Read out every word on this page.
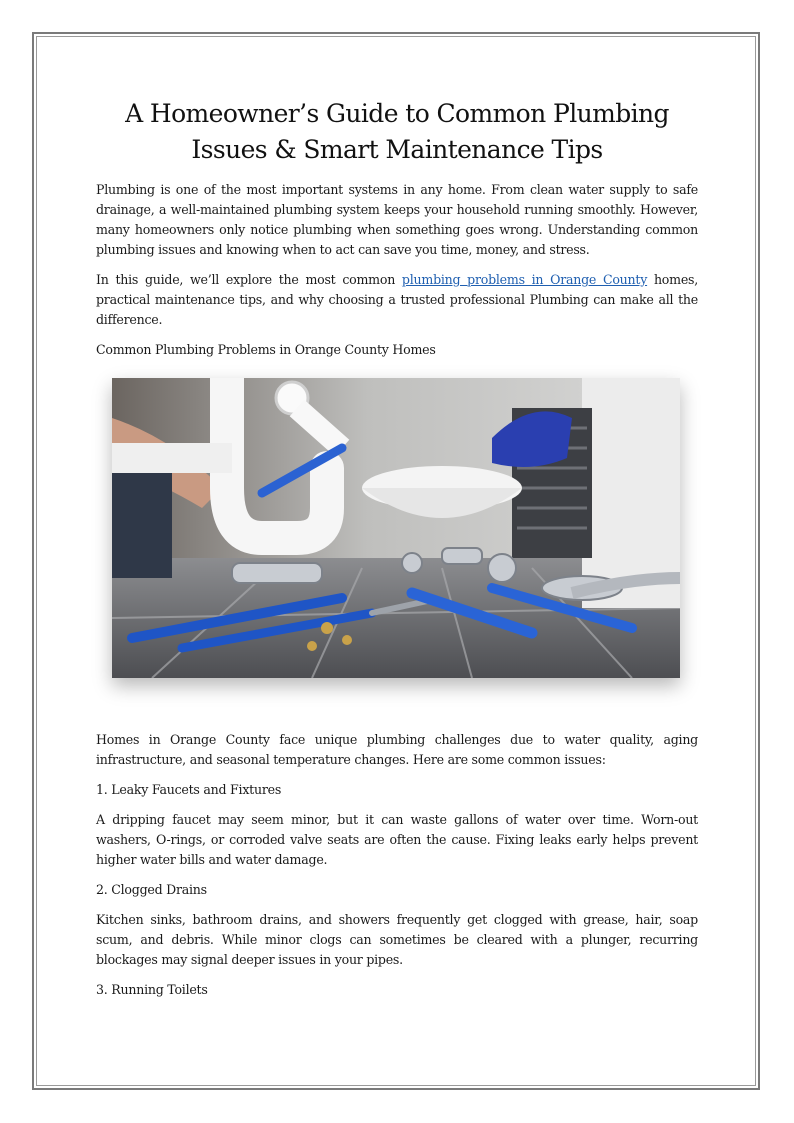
A Homeowner’s Guide to Common Plumbing Issues & Smart Maintenance Tips

Plumbing is one of the most important systems in any home. From clean water supply to safe drainage, a well-maintained plumbing system keeps your household running smoothly. However, many homeowners only notice plumbing when something goes wrong. Understanding common plumbing issues and knowing when to act can save you time, money, and stress.

In this guide, we’ll explore the most common plumbing problems in Orange County homes, practical maintenance tips, and why choosing a trusted professional Plumbing can make all the difference.

Common Plumbing Problems in Orange County Homes

Homes in Orange County face unique plumbing challenges due to water quality, aging infrastructure, and seasonal temperature changes. Here are some common issues:

1. Leaky Faucets and Fixtures

A dripping faucet may seem minor, but it can waste gallons of water over time. Worn-out washers, O-rings, or corroded valve seats are often the cause. Fixing leaks early helps prevent higher water bills and water damage.

2. Clogged Drains

Kitchen sinks, bathroom drains, and showers frequently get clogged with grease, hair, soap scum, and debris. While minor clogs can sometimes be cleared with a plunger, recurring blockages may signal deeper issues in your pipes.

3. Running Toilets
